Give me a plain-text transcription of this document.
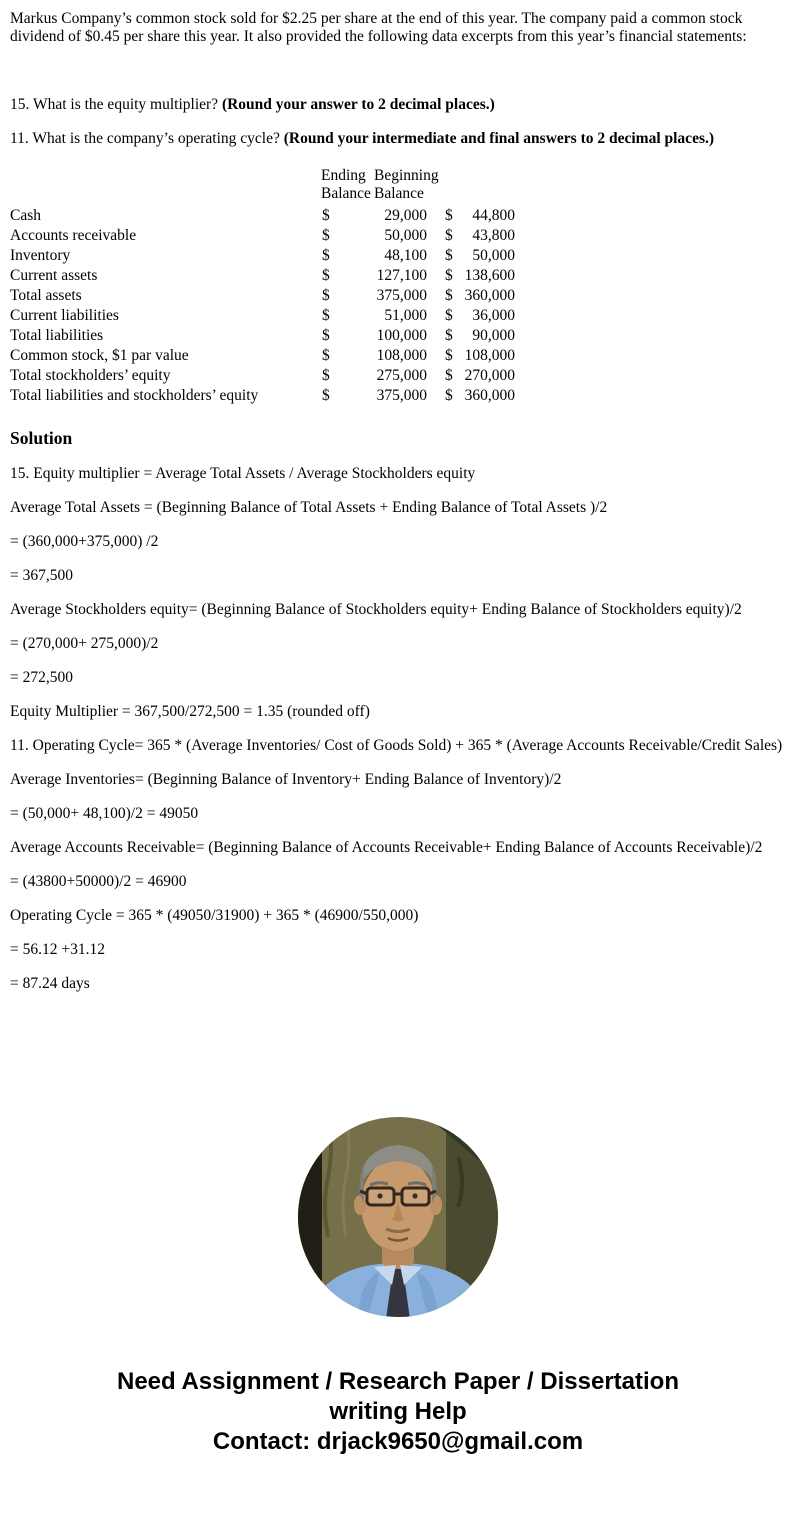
Markus Company’s common stock sold for $2.25 per share at the end of this year. The company paid a common stock dividend of $0.45 per share this year. It also provided the following data excerpts from this year’s financial statements:

15. What is the equity multiplier? (Round your answer to 2 decimal places.)

11. What is the company’s operating cycle? (Round your intermediate and final answers to 2 decimal places.)

Ending
Balance
Beginning
Balance
Cash	$	29,000 $	44,800
Accounts receivable	$	50,000 $	43,800
Inventory	$	48,100 $	50,000
Current assets	$	127,100 $ 138,600
Total assets	$	375,000 $ 360,000
Current liabilities	$	51,000 $	36,000
Total liabilities	$	100,000 $	90,000
Common stock, $1 par value	$	108,000 $ 108,000
Total stockholders’ equity	$	275,000 $ 270,000
Total liabilities and stockholders’ equity	$	375,000 $ 360,000
Solution

15. Equity multiplier = Average Total Assets / Average Stockholders equity

Average Total Assets = (Beginning Balance of Total Assets + Ending Balance of Total Assets )/2

= (360,000+375,000) /2

= 367,500

Average Stockholders equity= (Beginning Balance of Stockholders equity+ Ending Balance of Stockholders equity)/2

= (270,000+ 275,000)/2

= 272,500

Equity Multiplier = 367,500/272,500 = 1.35 (rounded off)

11. Operating Cycle= 365 * (Average Inventories/ Cost of Goods Sold) + 365 * (Average Accounts Receivable/Credit Sales)

Average Inventories= (Beginning Balance of Inventory+ Ending Balance of Inventory)/2

= (50,000+ 48,100)/2 = 49050

Average Accounts Receivable= (Beginning Balance of Accounts Receivable+ Ending Balance of Accounts Receivable)/2

= (43800+50000)/2 = 46900

Operating Cycle = 365 * (49050/31900) + 365 * (46900/550,000)

= 56.12 +31.12

= 87.24 days

Need Assignment / Research Paper / Dissertation
writing Help
Contact: drjack9650@gmail.com
